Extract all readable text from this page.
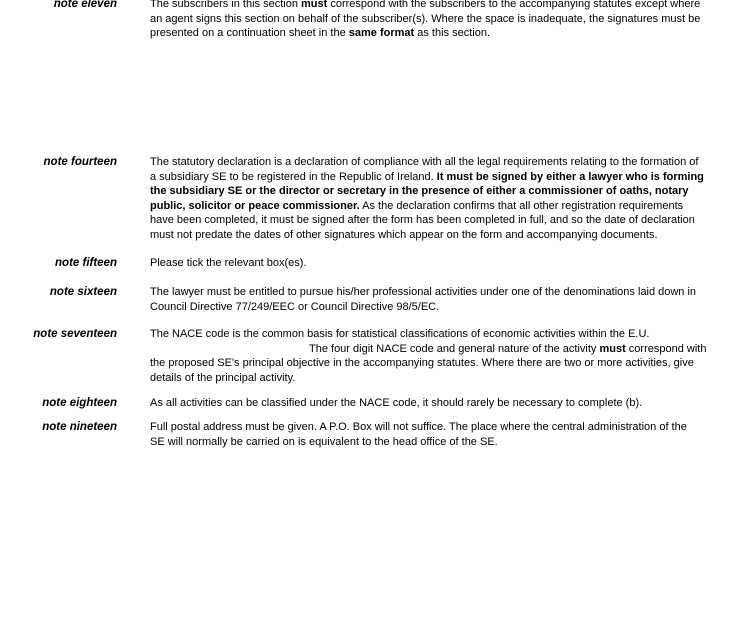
note eleven	The subscribers in this section must correspond with the subscribers to the accompanying statutes except where
an agent signs this section on behalf of the subscriber(s). Where the space is inadequate, the signatures must be
presented on a continuation sheet in the same format as this section.
note fourteen	The statutory declaration is a declaration of compliance with all the legal requirements relating to the formation of
a subsidiary SE to be registered in the Republic of Ireland. It must be signed by either a lawyer who is forming
the subsidiary SE or the director or secretary in the presence of either a commissioner of oaths, notary
public, solicitor or peace commissioner. As the declaration confirms that all other registration requirements
have been completed, it must be signed after the form has been completed in full, and so the date of declaration
must not predate the dates of other signatures which appear on the form and accompanying documents.
note fifteen	Please tick the relevant box(es).
note sixteen	The lawyer must be entitled to pursue his/her professional activities under one of the denominations laid down in
Council Directive 77/249/EEC or Council Directive 98/5/EC.
note seventeen	The NACE code is the common basis for statistical classifications of economic activities within the E.U.
The four digit NACE code and general nature of the activity must correspond with
the proposed SE's principal objective in the accompanying statutes. Where there are two or more activities, give
details of the principal activity.
note eighteen	As all activities can be classified under the NACE code, it should rarely be necessary to complete (b).
note nineteen	Full postal address must be given. A P.O. Box will not suffice. The place where the central administration of the
SE will normally be carried on is equivalent to the head office of the SE.
